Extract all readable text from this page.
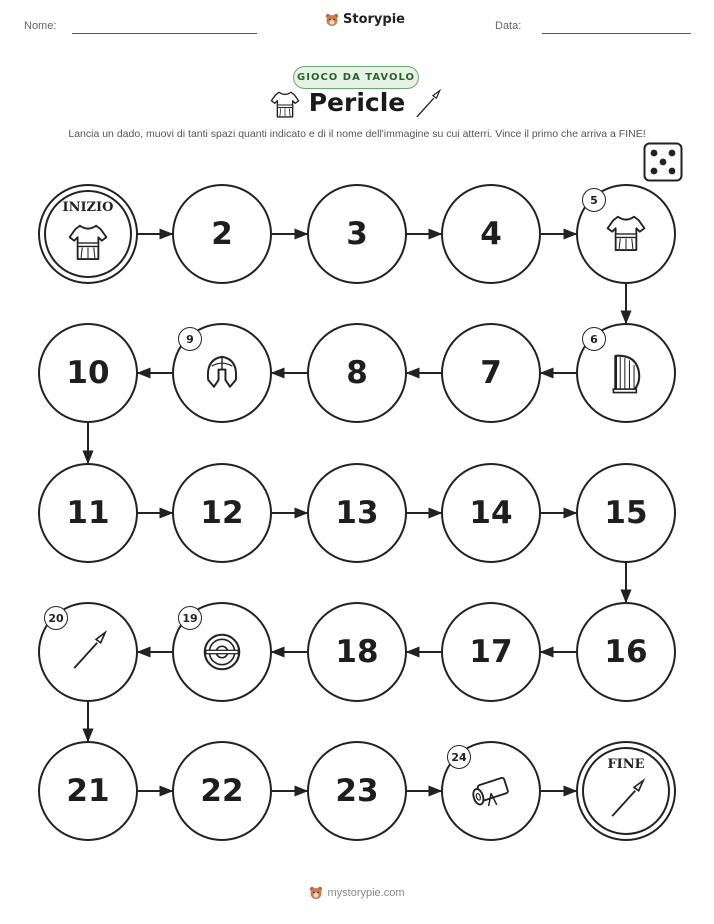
Nome:	Storypie	Data:
GIOCO DA TAVOLO
Pericle
Lancia un dado, muovi di tanti spazi quanti indicato e di il nome dell'immagine su cui atterri. Vince il primo che arriva a FINE!
INIZIO
2	3	4
5
6
7
8
9
10
11	12	13	14	15
16
17
18
19
20
21	22	23
24	FINE
mystorypie.com
